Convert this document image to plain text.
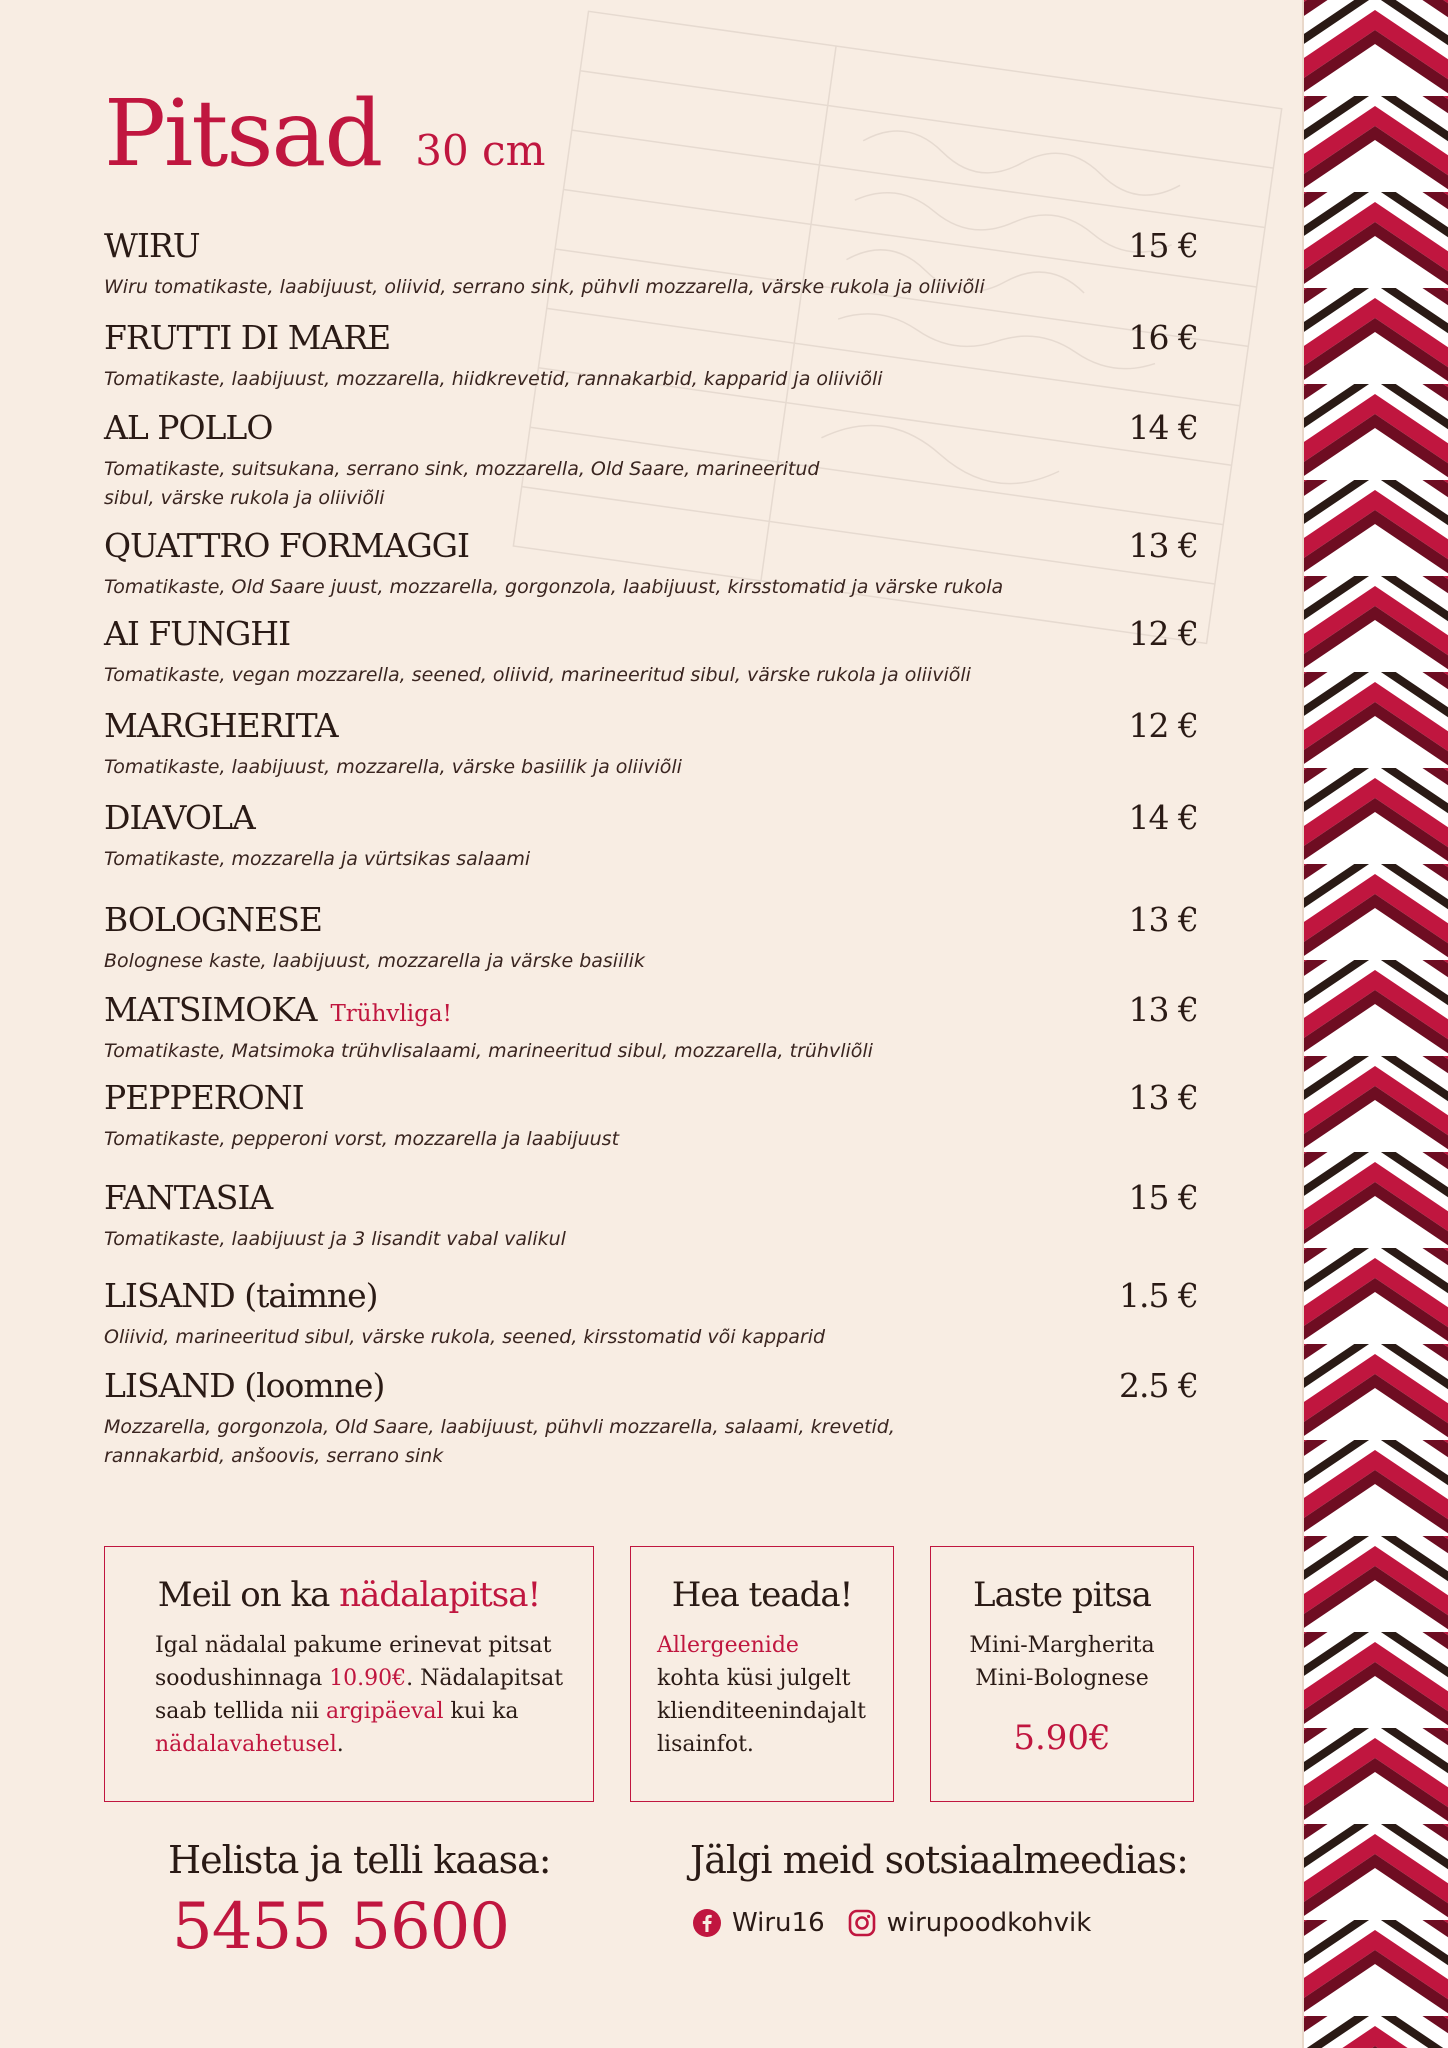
Pitsad 30 cm
WIRU	15 €
Wiru tomatikaste, laabijuust, oliivid, serrano sink, pühvli mozzarella, värske rukola ja oliiviõli
FRUTTI DI MARE	16 €
Tomatikaste, laabijuust, mozzarella, hiidkrevetid, rannakarbid, kapparid ja oliiviõli
AL POLLO	14 €
Tomatikaste, suitsukana, serrano sink, mozzarella, Old Saare, marineeritud sibul, värske rukola ja oliiviõli
QUATTRO FORMAGGI	13 €
Tomatikaste, Old Saare juust, mozzarella, gorgonzola, laabijuust, kirsstomatid ja värske rukola
AI FUNGHI	12 €
Tomatikaste, vegan mozzarella, seened, oliivid, marineeritud sibul, värske rukola ja oliiviõli
MARGHERITA	12 €
Tomatikaste, laabijuust, mozzarella, värske basiilik ja oliiviõli
DIAVOLA	14 €
Tomatikaste, mozzarella ja vürtsikas salaami
BOLOGNESE	13 €
Bolognese kaste, laabijuust, mozzarella ja värske basiilik
MATSIMOKA Trühvliga!	13 €
Tomatikaste, Matsimoka trühvlisalaami, marineeritud sibul, mozzarella, trühvliõli
PEPPERONI	13 €
Tomatikaste, pepperoni vorst, mozzarella ja laabijuust
FANTASIA	15 €
Tomatikaste, laabijuust ja 3 lisandit vabal valikul
LISAND (taimne)	1.5 €
Oliivid, marineeritud sibul, värske rukola, seened, kirsstomatid või kapparid
LISAND (loomne)	2.5 €
Mozzarella, gorgonzola, Old Saare, laabijuust, pühvli mozzarella, salaami, krevetid, rannakarbid, anšoovis, serrano sink
Meil on ka nädalapitsa!

Igal nädalal pakume erinevat pitsat soodushinnaga 10.90€. Nädalapitsat saab tellida nii argipäeval kui ka nädalavahetusel.

Hea teada!

Allergeenide kohta küsi julgelt klienditeenindajalt lisainfot.

Laste pitsa

Mini-Margherita

Mini-Bolognese

5.90€

Helista ja telli kaasa:
5455 5600
Jälgi meid sotsiaalmeedias:
Wiru16 wirupoodkohvik
